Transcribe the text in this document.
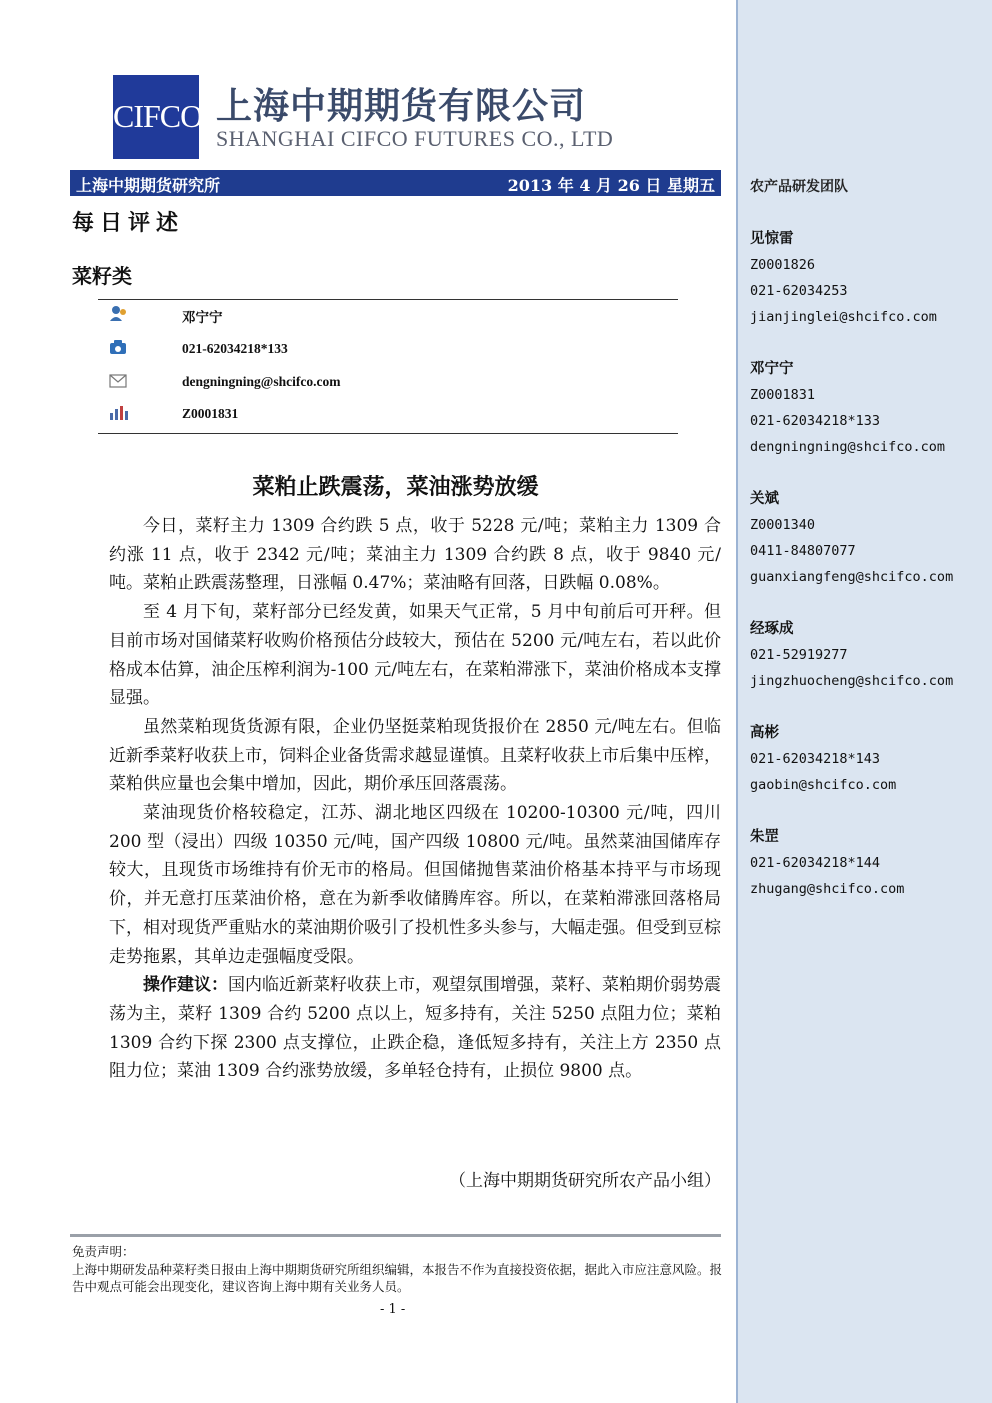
农产品研发团队
见惊雷
Z0001826
021-62034253
jianjinglei@shcifco.com
邓宁宁
Z0001831
021-62034218*133
dengningning@shcifco.com
关斌
Z0001340
0411-84807077
guanxiangfeng@shcifco.com
经琢成
021-52919277
jingzhuocheng@shcifco.com
高彬
021-62034218*143
gaobin@shcifco.com
朱罡
021-62034218*144
zhugang@shcifco.com
CIFCO 上海中期期货有限公司
SHANGHAI CIFCO FUTURES CO., LTD
上海中期期货研究所	2013 年 4 月 26 日 星期五
每日评述
菜籽类
邓宁宁
021-62034218*133
dengningning@shcifco.com
Z0001831
菜粕止跌震荡，菜油涨势放缓

今日，菜籽主力 1309 合约跌 5 点，收于 5228 元/吨；菜粕主力 1309 合约涨 11 点，收于 2342 元/吨；菜油主力 1309 合约跌 8 点，收于 9840 元/吨。菜粕止跌震荡整理，日涨幅 0.47%；菜油略有回落，日跌幅 0.08%。

至 4 月下旬，菜籽部分已经发黄，如果天气正常，5 月中旬前后可开秤。但目前市场对国储菜籽收购价格预估分歧较大，预估在 5200 元/吨左右，若以此价格成本估算，油企压榨利润为-100 元/吨左右，在菜粕滞涨下，菜油价格成本支撑显强。

虽然菜粕现货货源有限，企业仍坚挺菜粕现货报价在 2850 元/吨左右。但临近新季菜籽收获上市，饲料企业备货需求越显谨慎。且菜籽收获上市后集中压榨，菜粕供应量也会集中增加，因此，期价承压回落震荡。

菜油现货价格较稳定，江苏、湖北地区四级在 10200-10300 元/吨，四川 200 型（浸出）四级 10350 元/吨，国产四级 10800 元/吨。虽然菜油国储库存较大，且现货市场维持有价无市的格局。但国储抛售菜油价格基本持平与市场现价，并无意打压菜油价格，意在为新季收储腾库容。所以，在菜粕滞涨回落格局下，相对现货严重贴水的菜油期价吸引了投机性多头参与，大幅走强。但受到豆棕走势拖累，其单边走强幅度受限。

操作建议：国内临近新菜籽收获上市，观望氛围增强，菜籽、菜粕期价弱势震荡为主，菜籽 1309 合约 5200 点以上，短多持有，关注 5250 点阻力位；菜粕 1309 合约下探 2300 点支撑位，止跌企稳，逢低短多持有，关注上方 2350 点阻力位；菜油 1309 合约涨势放缓，多单轻仓持有，止损位 9800 点。

（上海中期期货研究所农产品小组）
免责声明：
上海中期研发品种菜籽类日报由上海中期期货研究所组织编辑，本报告不作为直接投资依据，据此入市应注意风险。报告中观点可能会出现变化，建议咨询上海中期有关业务人员。
- 1 -
